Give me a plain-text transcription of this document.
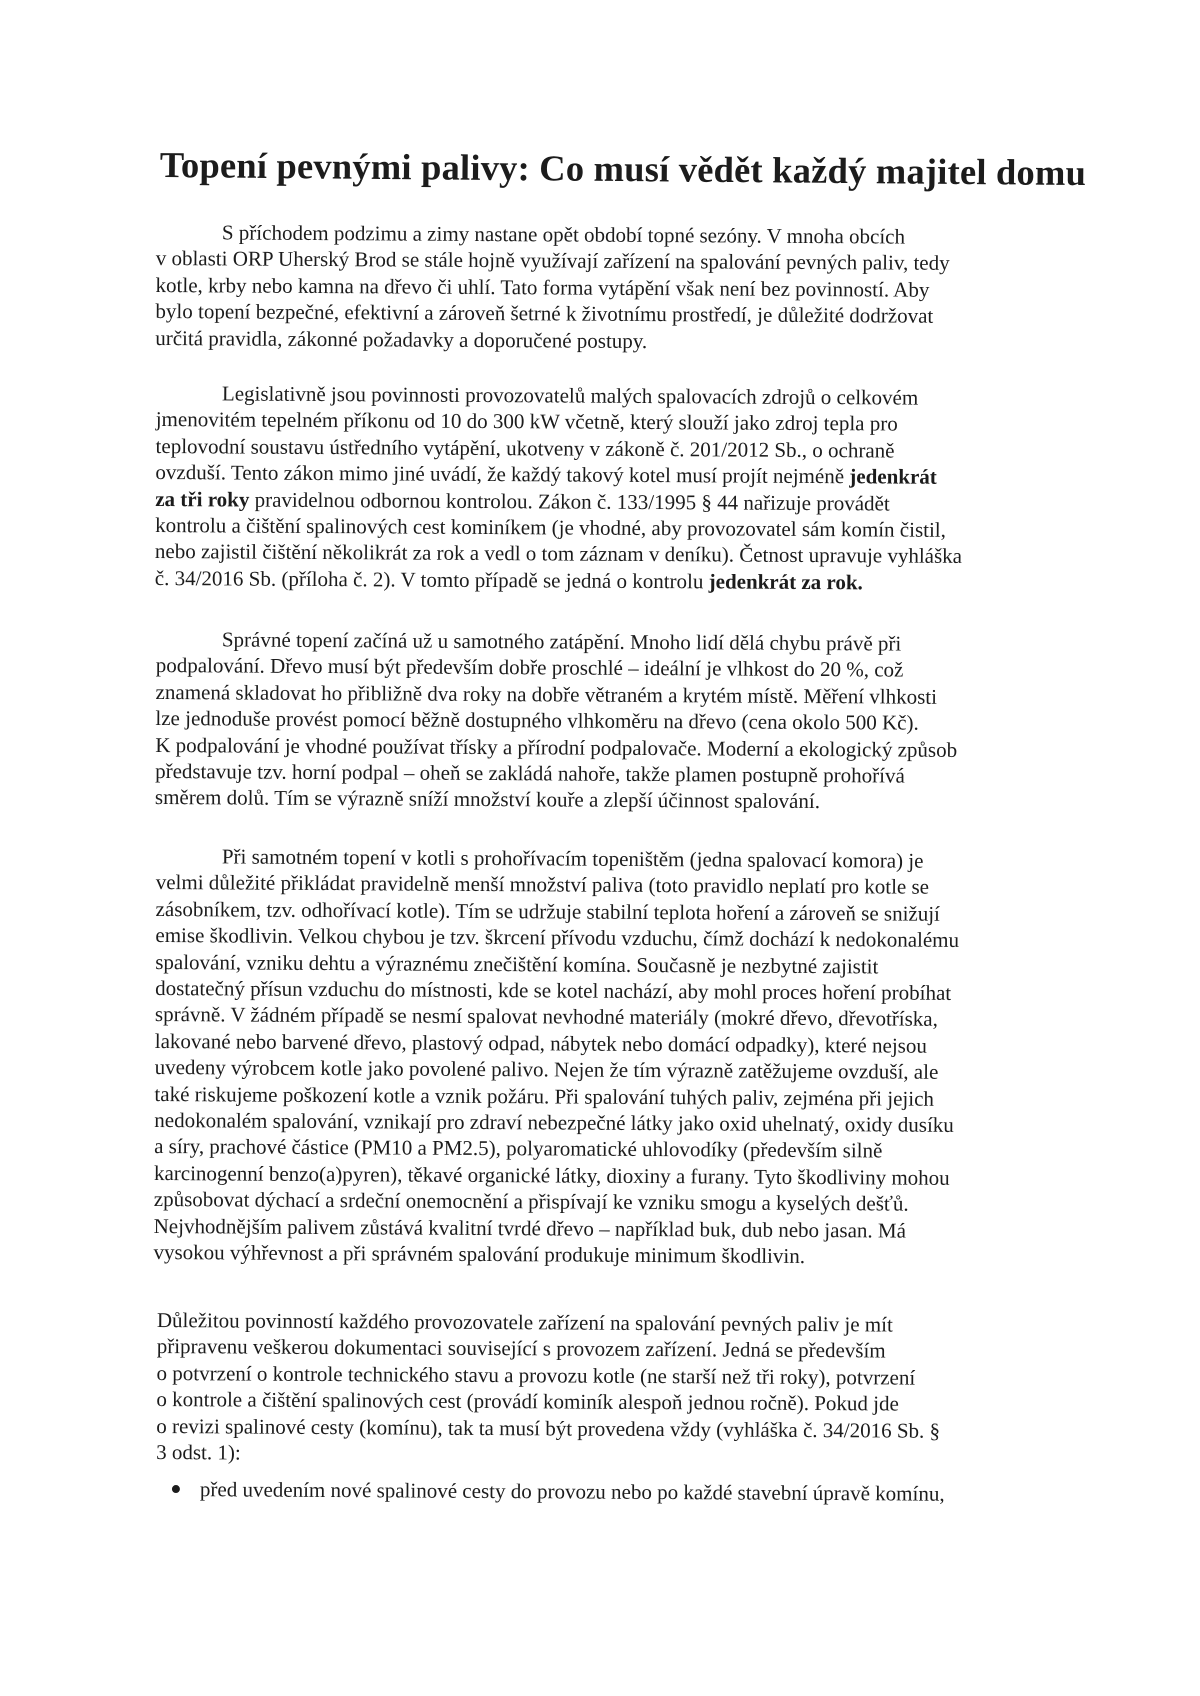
Topení pevnými palivy: Co musí vědět každý majitel domu

S příchodem podzimu a zimy nastane opět období topné sezóny. V mnoha obcích
v oblasti ORP Uherský Brod se stále hojně využívají zařízení na spalování pevných paliv, tedy
kotle, krby nebo kamna na dřevo či uhlí. Tato forma vytápění však není bez povinností. Aby
bylo topení bezpečné, efektivní a zároveň šetrné k životnímu prostředí, je důležité dodržovat
určitá pravidla, zákonné požadavky a doporučené postupy.

Legislativně jsou povinnosti provozovatelů malých spalovacích zdrojů o celkovém
jmenovitém tepelném příkonu od 10 do 300 kW včetně, který slouží jako zdroj tepla pro
teplovodní soustavu ústředního vytápění, ukotveny v zákoně č. 201/2012 Sb., o ochraně
ovzduší. Tento zákon mimo jiné uvádí, že každý takový kotel musí projít nejméně jedenkrát
za tři roky pravidelnou odbornou kontrolou. Zákon č. 133/1995 § 44 nařizuje provádět
kontrolu a čištění spalinových cest kominíkem (je vhodné, aby provozovatel sám komín čistil,
nebo zajistil čištění několikrát za rok a vedl o tom záznam v deníku). Četnost upravuje vyhláška
č. 34/2016 Sb. (příloha č. 2). V tomto případě se jedná o kontrolu jedenkrát za rok.

Správné topení začíná už u samotného zatápění. Mnoho lidí dělá chybu právě při
podpalování. Dřevo musí být především dobře proschlé – ideální je vlhkost do 20 %, což
znamená skladovat ho přibližně dva roky na dobře větraném a krytém místě. Měření vlhkosti
lze jednoduše provést pomocí běžně dostupného vlhkoměru na dřevo (cena okolo 500 Kč).
K podpalování je vhodné používat třísky a přírodní podpalovače. Moderní a ekologický způsob
představuje tzv. horní podpal – oheň se zakládá nahoře, takže plamen postupně prohořívá
směrem dolů. Tím se výrazně sníží množství kouře a zlepší účinnost spalování.

Při samotném topení v kotli s prohořívacím topeništěm (jedna spalovací komora) je
velmi důležité přikládat pravidelně menší množství paliva (toto pravidlo neplatí pro kotle se
zásobníkem, tzv. odhořívací kotle). Tím se udržuje stabilní teplota hoření a zároveň se snižují
emise škodlivin. Velkou chybou je tzv. škrcení přívodu vzduchu, čímž dochází k nedokonalému
spalování, vzniku dehtu a výraznému znečištění komína. Současně je nezbytné zajistit
dostatečný přísun vzduchu do místnosti, kde se kotel nachází, aby mohl proces hoření probíhat
správně. V žádném případě se nesmí spalovat nevhodné materiály (mokré dřevo, dřevotříska,
lakované nebo barvené dřevo, plastový odpad, nábytek nebo domácí odpadky), které nejsou
uvedeny výrobcem kotle jako povolené palivo. Nejen že tím výrazně zatěžujeme ovzduší, ale
také riskujeme poškození kotle a vznik požáru. Při spalování tuhých paliv, zejména při jejich
nedokonalém spalování, vznikají pro zdraví nebezpečné látky jako oxid uhelnatý, oxidy dusíku
a síry, prachové částice (PM10 a PM2.5), polyaromatické uhlovodíky (především silně
karcinogenní benzo(a)pyren), těkavé organické látky, dioxiny a furany. Tyto škodliviny mohou
způsobovat dýchací a srdeční onemocnění a přispívají ke vzniku smogu a kyselých dešťů.
Nejvhodnějším palivem zůstává kvalitní tvrdé dřevo – například buk, dub nebo jasan. Má
vysokou výhřevnost a při správném spalování produkuje minimum škodlivin.

Důležitou povinností každého provozovatele zařízení na spalování pevných paliv je mít
připravenu veškerou dokumentaci související s provozem zařízení. Jedná se především
o potvrzení o kontrole technického stavu a provozu kotle (ne starší než tři roky), potvrzení
o kontrole a čištění spalinových cest (provádí kominík alespoň jednou ročně). Pokud jde
o revizi spalinové cesty (komínu), tak ta musí být provedena vždy (vyhláška č. 34/2016 Sb. §
3 odst. 1):

před uvedením nové spalinové cesty do provozu nebo po každé stavební úpravě komínu,
